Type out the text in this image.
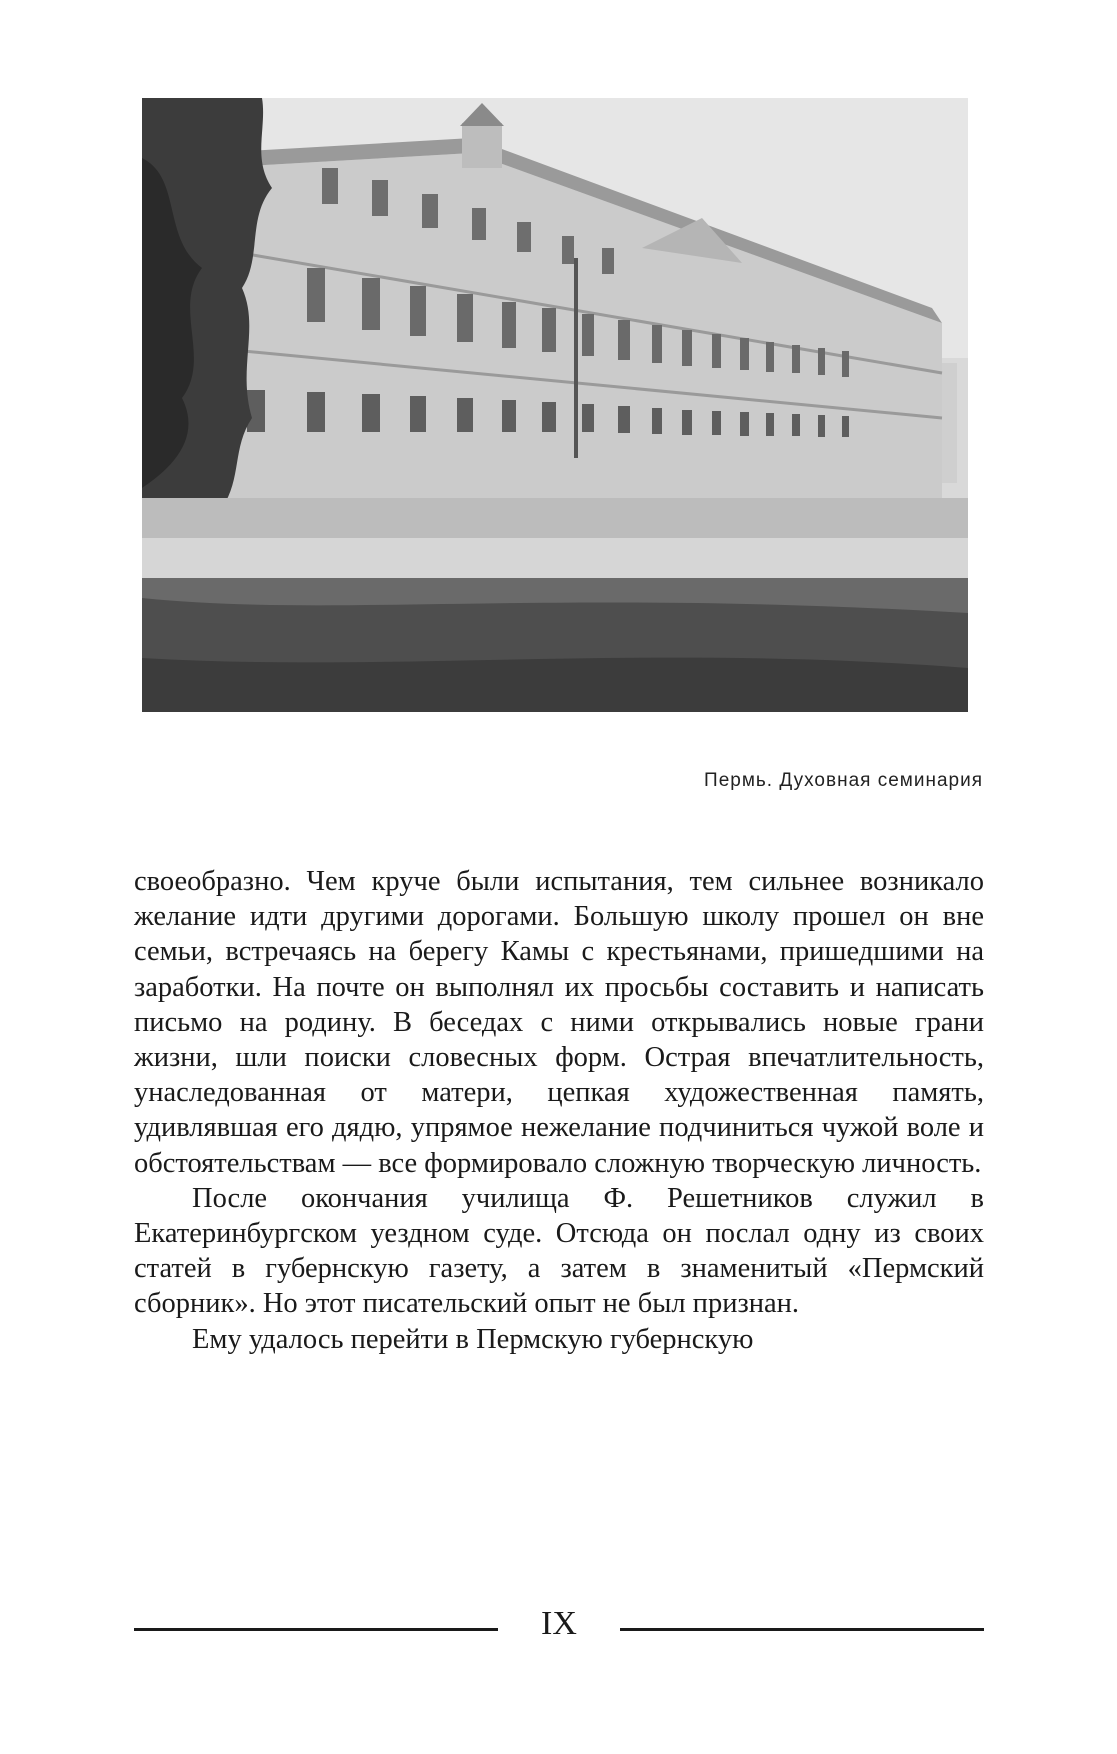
Пермь. Духовная семинария

своеобразно. Чем круче были испытания, тем сильнее возникало желание идти другими дорогами. Большую школу прошел он вне семьи, встречаясь на берегу Камы с крестьянами, пришедшими на заработки. На почте он выполнял их просьбы составить и написать письмо на родину. В беседах с ними открывались новые грани жизни, шли поиски словесных форм. Острая впечатлительность, унаследованная от матери, цепкая художественная память, удивлявшая его дядю, упрямое нежелание подчиниться чужой воле и обстоятельствам — все формировало сложную творческую личность.

После окончания училища Ф. Решетников служил в Екатеринбургском уездном суде. Отсюда он послал одну из своих статей в губернскую газету, а затем в знаменитый «Пермский сборник». Но этот писательский опыт не был признан.

Ему удалось перейти в Пермскую губернскую

IX
